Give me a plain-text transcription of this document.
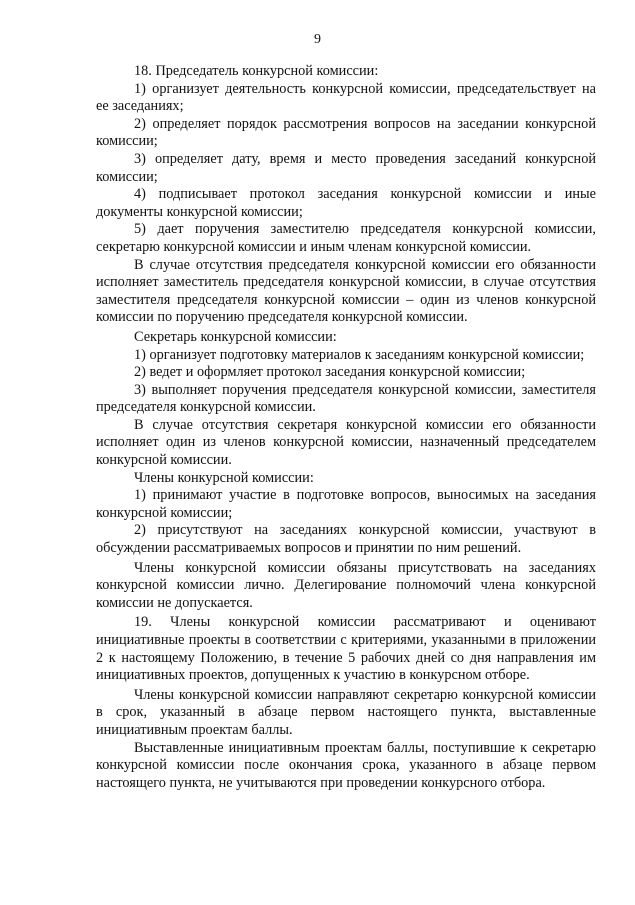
9

18. Председатель конкурсной комиссии:

1) организует деятельность конкурсной комиссии, председательствует на ее заседаниях;

2) определяет порядок рассмотрения вопросов на заседании конкурсной комиссии;

3) определяет дату, время и место проведения заседаний конкурсной комиссии;

4) подписывает протокол заседания конкурсной комиссии и иные документы конкурсной комиссии;

5) дает поручения заместителю председателя конкурсной комиссии, секретарю конкурсной комиссии и иным членам конкурсной комиссии.

В случае отсутствия председателя конкурсной комиссии его обязанности исполняет заместитель председателя конкурсной комиссии, в случае отсутствия заместителя председателя конкурсной комиссии – один из членов конкурсной комиссии по поручению председателя конкурсной комиссии.

Секретарь конкурсной комиссии:

1) организует подготовку материалов к заседаниям конкурсной комиссии;

2) ведет и оформляет протокол заседания конкурсной комиссии;

3) выполняет поручения председателя конкурсной комиссии, заместителя председателя конкурсной комиссии.

В случае отсутствия секретаря конкурсной комиссии его обязанности исполняет один из членов конкурсной комиссии, назначенный председателем конкурсной комиссии.

Члены конкурсной комиссии:

1) принимают участие в подготовке вопросов, выносимых на заседания конкурсной комиссии;

2) присутствуют на заседаниях конкурсной комиссии, участвуют в обсуждении рассматриваемых вопросов и принятии по ним решений.

Члены конкурсной комиссии обязаны присутствовать на заседаниях конкурсной комиссии лично. Делегирование полномочий члена конкурсной комиссии не допускается.

19. Члены конкурсной комиссии рассматривают и оценивают инициативные проекты в соответствии с критериями, указанными в приложении 2 к настоящему Положению, в течение 5 рабочих дней со дня направления им инициативных проектов, допущенных к участию в конкурсном отборе.

Члены конкурсной комиссии направляют секретарю конкурсной комиссии в срок, указанный в абзаце первом настоящего пункта, выставленные инициативным проектам баллы.

Выставленные инициативным проектам баллы, поступившие к секретарю конкурсной комиссии после окончания срока, указанного в абзаце первом настоящего пункта, не учитываются при проведении конкурсного отбора.
